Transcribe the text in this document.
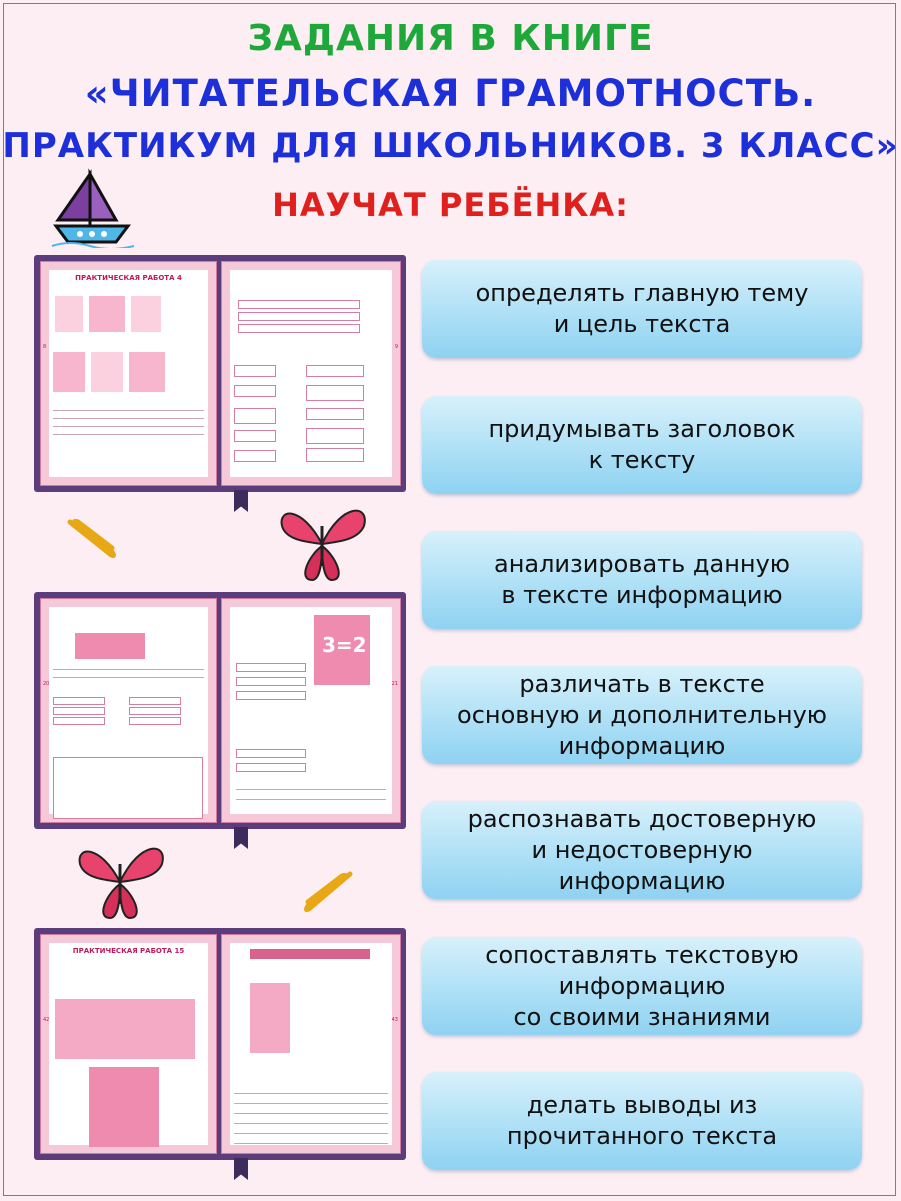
ЗАДАНИЯ В КНИГЕ
«ЧИТАТЕЛЬСКАЯ ГРАМОТНОСТЬ.
ПРАКТИКУМ ДЛЯ ШКОЛЬНИКОВ. 3 КЛАСС»
НАУЧАТ РЕБЁНКА:
определять главную тему
и цель текста
придумывать заголовок
к тексту
анализировать данную
в тексте информацию
различать в тексте
основную и дополнительную
информацию
распознавать достоверную
и недостоверную
информацию
сопоставлять текстовую
информацию
со своими знаниями
делать выводы из
прочитанного текста
ПРАКТИЧЕСКАЯ РАБОТА 4
8	9
20
3=2
21
ПРАКТИЧЕСКАЯ РАБОТА 15
42	43
